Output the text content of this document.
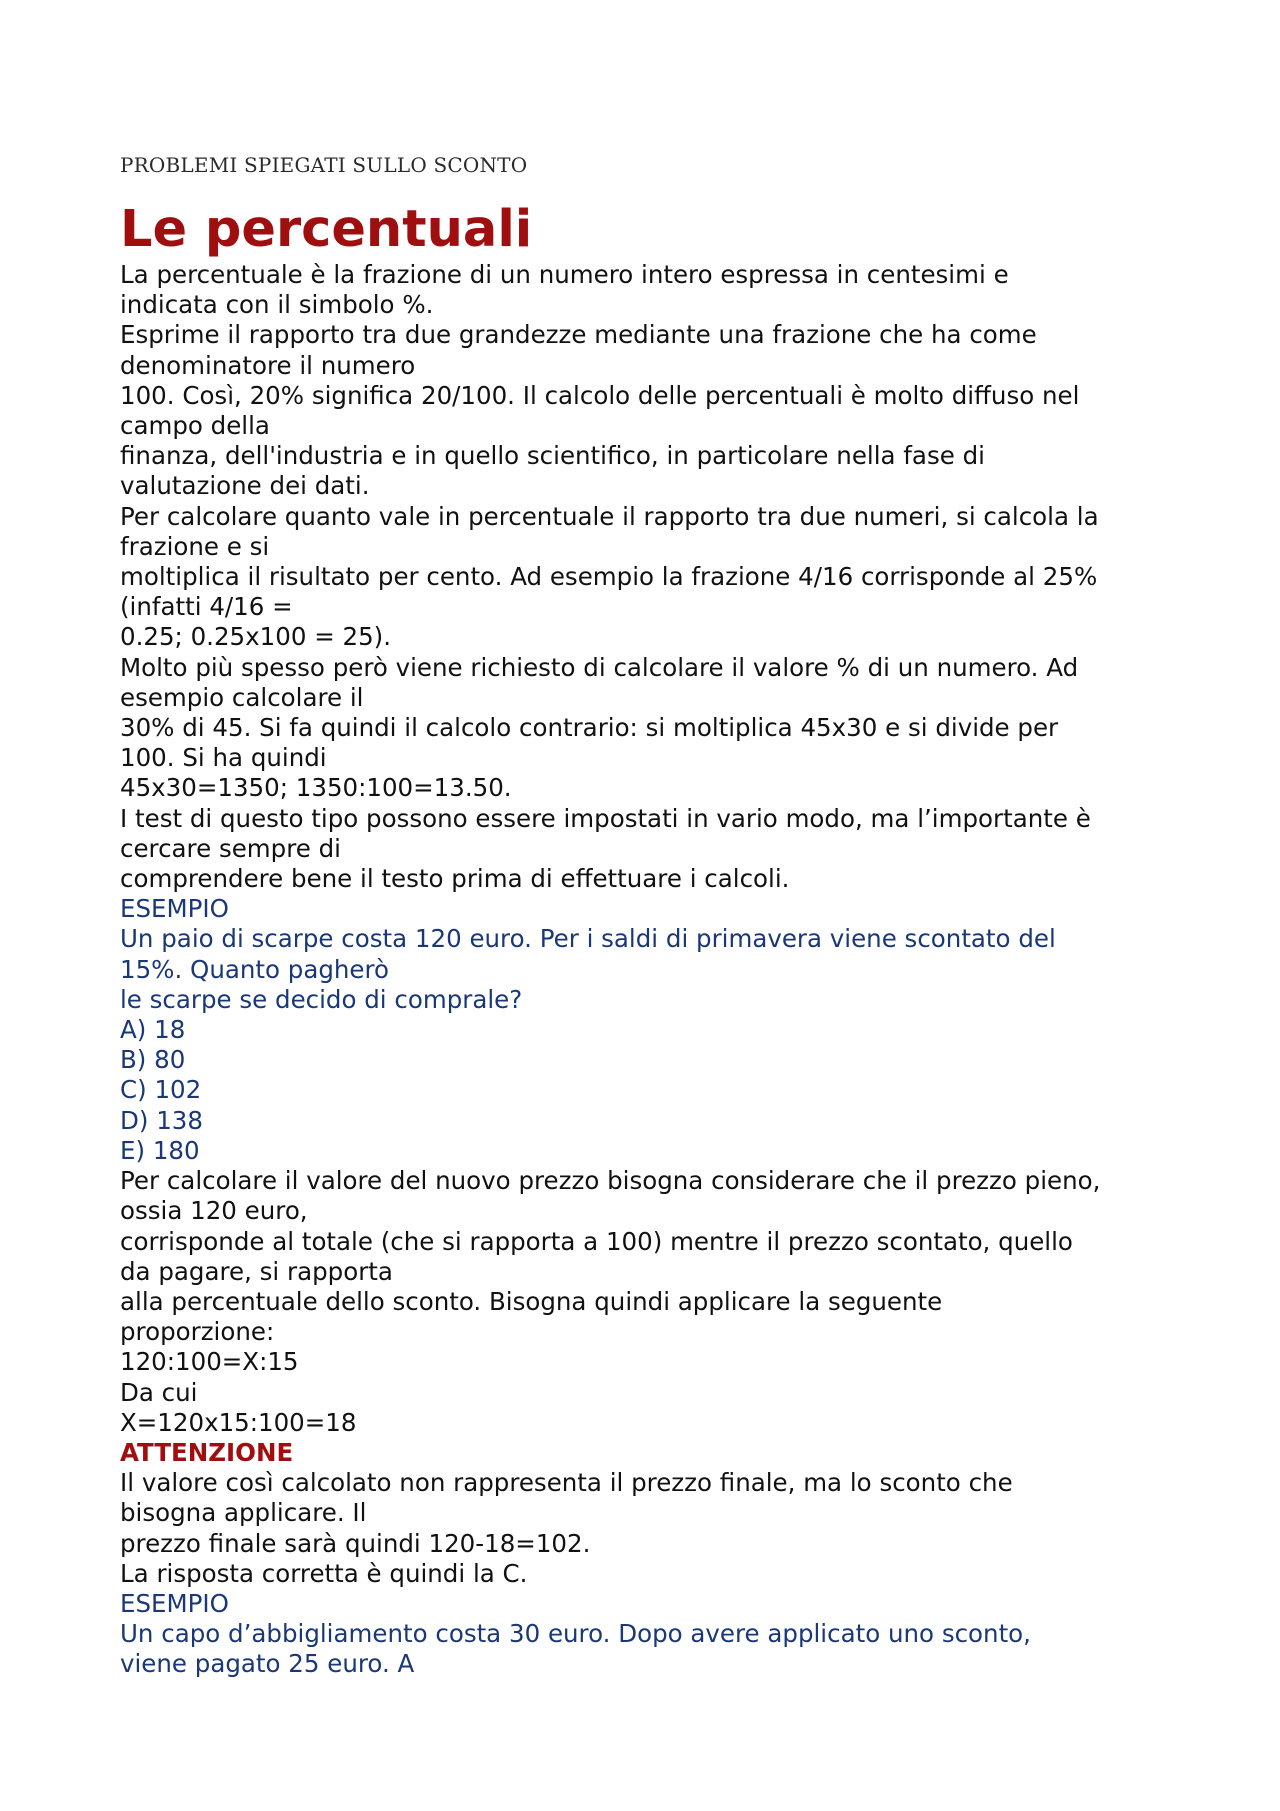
PROBLEMI SPIEGATI SULLO SCONTO
Le percentuali
La percentuale è la frazione di un numero intero espressa in centesimi e
indicata con il simbolo %.
Esprime il rapporto tra due grandezze mediante una frazione che ha come
denominatore il numero
100. Così, 20% significa 20/100. Il calcolo delle percentuali è molto diffuso nel
campo della
finanza, dell'industria e in quello scientifico, in particolare nella fase di
valutazione dei dati.
Per calcolare quanto vale in percentuale il rapporto tra due numeri, si calcola la
frazione e si
moltiplica il risultato per cento. Ad esempio la frazione 4/16 corrisponde al 25%
(infatti 4/16 =
0.25; 0.25x100 = 25).
Molto più spesso però viene richiesto di calcolare il valore % di un numero. Ad
esempio calcolare il
30% di 45. Si fa quindi il calcolo contrario: si moltiplica 45x30 e si divide per
100. Si ha quindi
45x30=1350; 1350:100=13.50.
I test di questo tipo possono essere impostati in vario modo, ma l’importante è
cercare sempre di
comprendere bene il testo prima di effettuare i calcoli.
ESEMPIO
Un paio di scarpe costa 120 euro. Per i saldi di primavera viene scontato del
15%. Quanto pagherò
le scarpe se decido di comprale?
A) 18
B) 80
C) 102
D) 138
E) 180
Per calcolare il valore del nuovo prezzo bisogna considerare che il prezzo pieno,
ossia 120 euro,
corrisponde al totale (che si rapporta a 100) mentre il prezzo scontato, quello
da pagare, si rapporta
alla percentuale dello sconto. Bisogna quindi applicare la seguente
proporzione:
120:100=X:15
Da cui
X=120x15:100=18
ATTENZIONE
Il valore così calcolato non rappresenta il prezzo finale, ma lo sconto che
bisogna applicare. Il
prezzo finale sarà quindi 120-18=102.
La risposta corretta è quindi la C.
ESEMPIO
Un capo d’abbigliamento costa 30 euro. Dopo avere applicato uno sconto,
viene pagato 25 euro. A
